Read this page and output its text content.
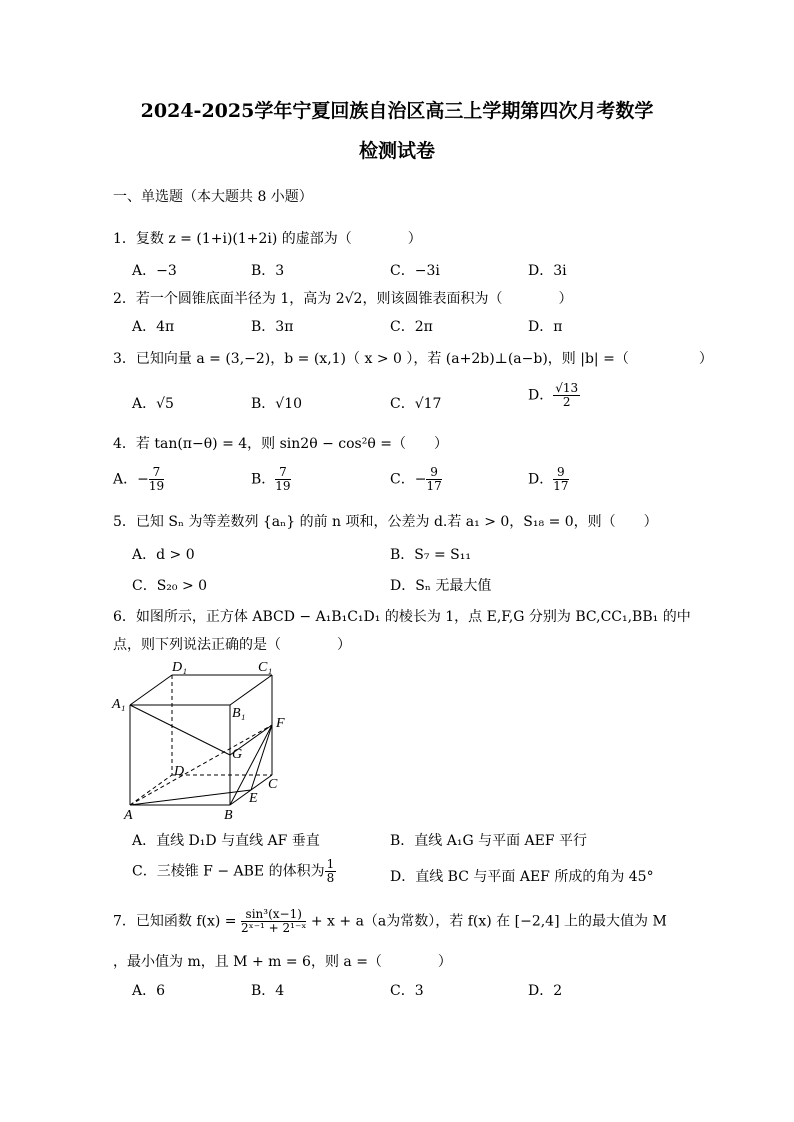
2024-2025学年宁夏回族自治区高三上学期第四次月考数学
检测试卷
一、单选题（本大题共 8 小题）
1．复数 z = (1+i)(1+2i) 的虚部为（　　　　）
A．−3	B．3	C．−3i	D．3i
2．若一个圆锥底面半径为 1，高为 2√2，则该圆锥表面积为（　　　　）
A．4π	B．3π	C．2π	D．π
3．已知向量 a = (3,−2)，b = (x,1)（ x > 0 ），若 (a+2b)⊥(a−b)，则 |b| =（　　　　　）
A．√5	B．√10	C．√17
D． $\frac{√13}{2}$
4．若 tan(π−θ) = 4，则 sin2θ − cos²θ =（　　）
A．− $\frac{7}{19}$	B． $\frac{7}{19}$	C．− $\frac{9}{17}$	D． $\frac{9}{17}$
5．已知 Sₙ 为等差数列 {aₙ} 的前 n 项和，公差为 d.若 a₁ > 0，S₁₈ = 0，则（　　）
A．d > 0	B．S₇ = S₁₁
C．S₂₀ > 0	D．Sₙ 无最大值
6．如图所示，正方体 ABCD − A₁B₁C₁D₁ 的棱长为 1，点 E,F,G 分别为 BC,CC₁,BB₁ 的中
点，则下列说法正确的是（　　　　）
D₁	C₁
A₁
B₁
F
G
D
C
E
A	B
A．直线 D₁D 与直线 AF 垂直	B．直线 A₁G 与平面 AEF 平行
C．三棱锥 F − ABE 的体积为 $\frac{1}{8}$	D．直线 BC 与平面 AEF 所成的角为 45°
7．已知函数 $f(x) = \frac{\text{sin³(x−1)}}{\text{2ˣ⁻¹ + 2¹⁻ˣ}} + x + a(a$为常数），若 f(x) 在 [−2,4] 上的最大值为 M
，最小值为 m，且 M + m = 6，则 a =（　　　　）
A．6	B．4	C．3	D．2
